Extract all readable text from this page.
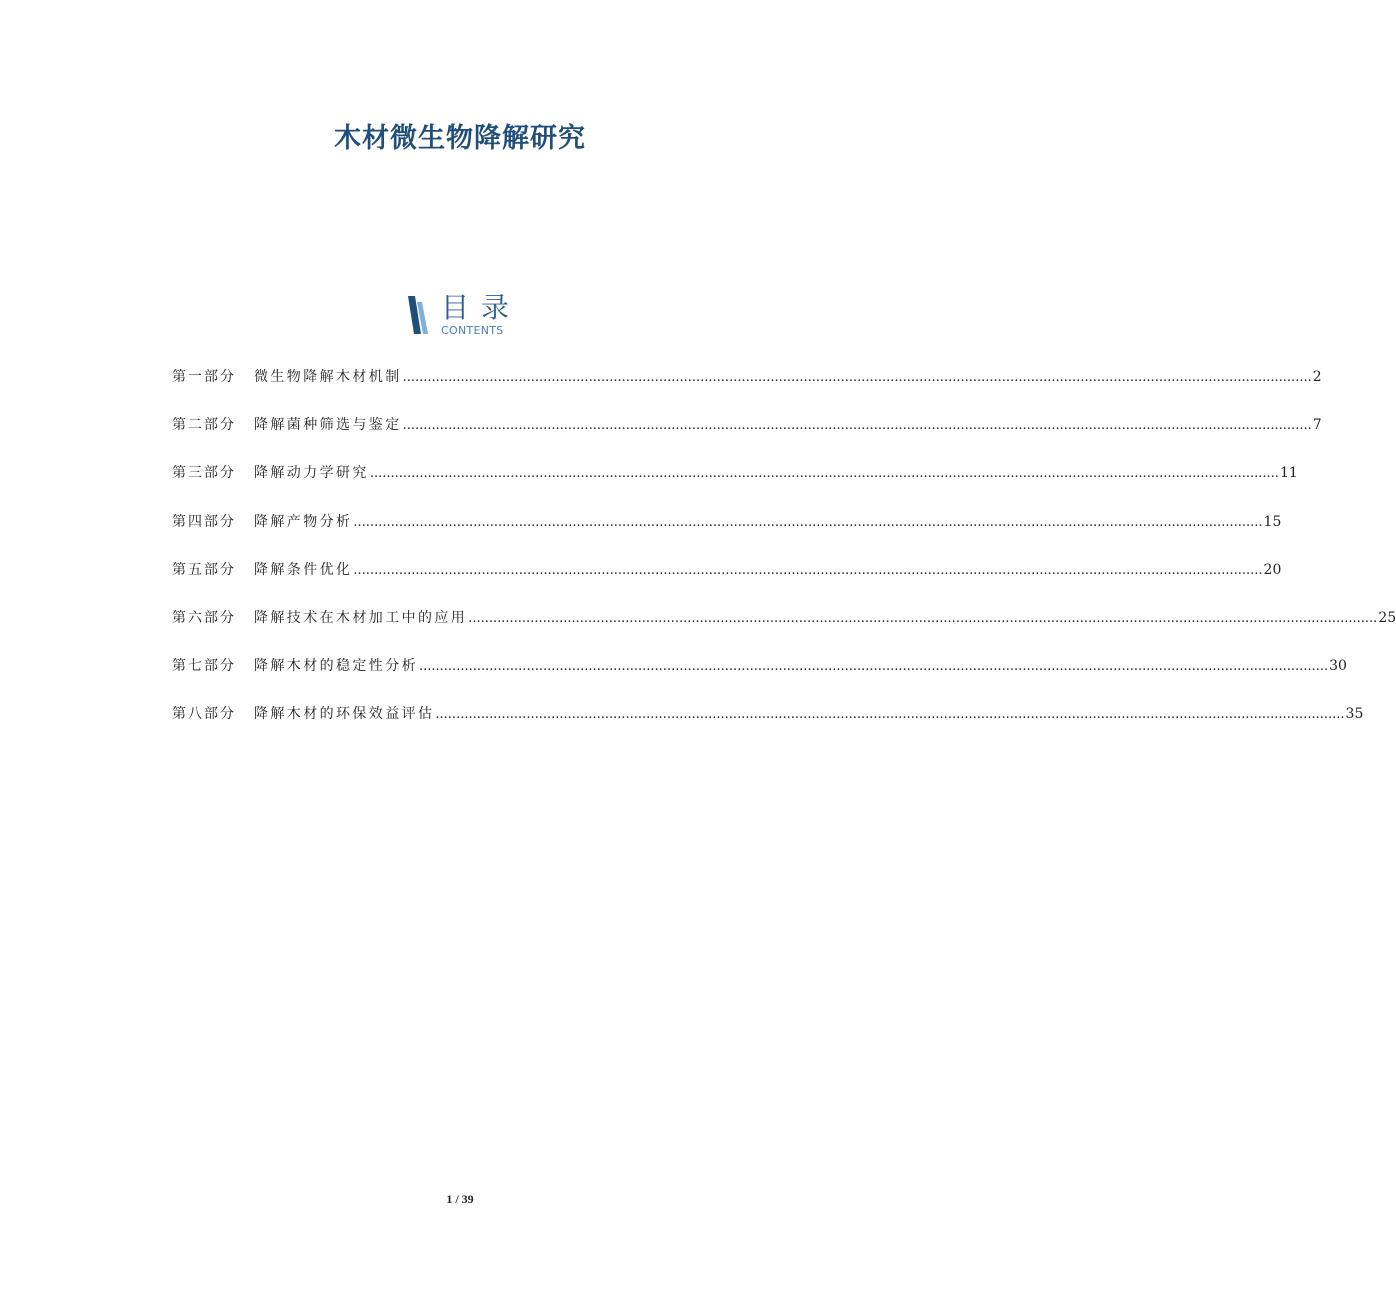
木材微生物降解研究
目录
CONTENTS
第一部分	微生物降解木材机制 ............................................................................................................................................................................................................................ 2
第二部分	降解菌种筛选与鉴定 ............................................................................................................................................................................................................................ 7
第三部分	降解动力学研究 ............................................................................................................................................................................................................................ 11
第四部分	降解产物分析 ............................................................................................................................................................................................................................ 15
第五部分	降解条件优化 ............................................................................................................................................................................................................................ 20
第六部分	降解技术在木材加工中的应用 ............................................................................................................................................................................................................................ 25
第七部分	降解木材的稳定性分析 ............................................................................................................................................................................................................................ 30
第八部分	降解木材的环保效益评估 ............................................................................................................................................................................................................................ 35
1 / 39
